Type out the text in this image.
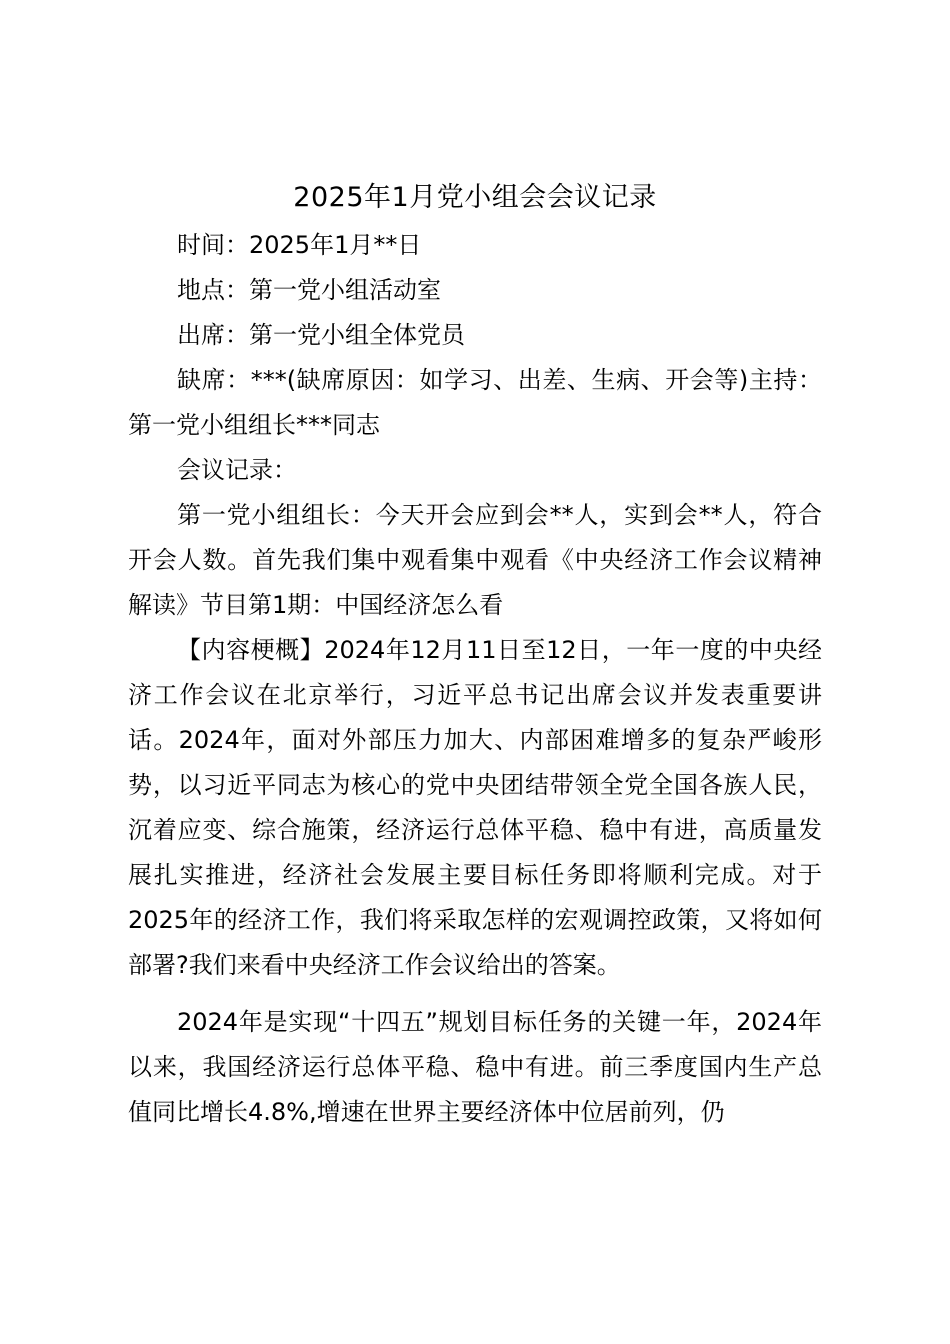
2025年1月党小组会会议记录

时间：2025年1月**日

地点：第一党小组活动室

出席：第一党小组全体党员

缺席：***(缺席原因：如学习、出差、生病、开会等)主持：第一党小组组长***同志

会议记录：

第一党小组组长：今天开会应到会**人，实到会**人，符合开会人数。首先我们集中观看集中观看《中央经济工作会议精神解读》节目第1期：中国经济怎么看

【内容梗概】2024年12月11日至12日，一年一度的中央经济工作会议在北京举行，习近平总书记出席会议并发表重要讲话。2024年，面对外部压力加大、内部困难增多的复杂严峻形势，以习近平同志为核心的党中央团结带领全党全国各族人民，沉着应变、综合施策，经济运行总体平稳、稳中有进，高质量发展扎实推进，经济社会发展主要目标任务即将顺利完成。对于2025年的经济工作，我们将采取怎样的宏观调控政策，又将如何部署?我们来看中央经济工作会议给出的答案。

2024年是实现“十四五”规划目标任务的关键一年，2024年以来，我国经济运行总体平稳、稳中有进。前三季度国内生产总值同比增长4.8%,增速在世界主要经济体中位居前列，仍
